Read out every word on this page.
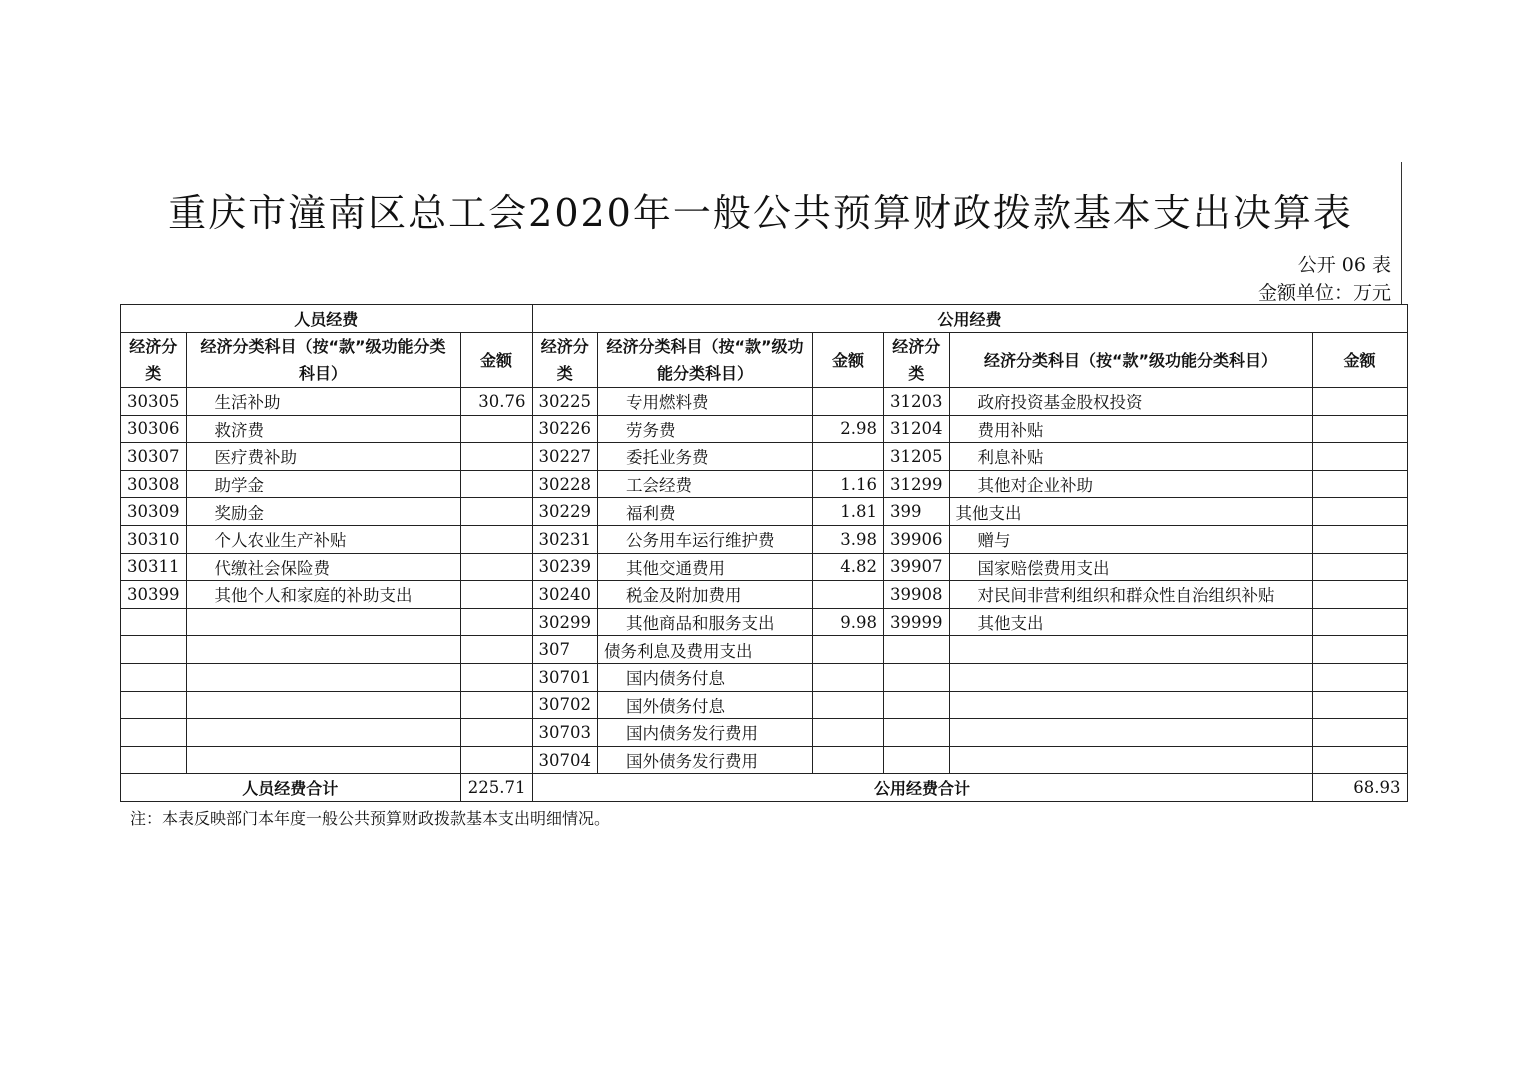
重庆市潼南区总工会2020年一般公共预算财政拨款基本支出决算表
公开 06 表
金额单位：万元
人员经费			公用经费					
经济分类	经济分类科目（按“款”级功能分类科目）	金额	经济分类	经济分类科目（按“款”级功能分类科目）	金额	经济分类	经济分类科目（按“款”级功能分类科目）	金额
30305	生活补助	30.76	30225	专用燃料费		31203	政府投资基金股权投资	
30306	救济费		30226	劳务费	2.98	31204	费用补贴	
30307	医疗费补助		30227	委托业务费		31205	利息补贴	
30308	助学金		30228	工会经费	1.16	31299	其他对企业补助	
30309	奖励金		30229	福利费	1.81	399	其他支出	
30310	个人农业生产补贴		30231	公务用车运行维护费	3.98	39906	赠与	
30311	代缴社会保险费		30239	其他交通费用	4.82	39907	国家赔偿费用支出	
30399	其他个人和家庭的补助支出		30240	税金及附加费用		39908	对民间非营利组织和群众性自治组织补贴	
			30299	其他商品和服务支出	9.98	39999	其他支出	
			307	债务利息及费用支出				
			30701	国内债务付息				
			30702	国外债务付息				
			30703	国内债务发行费用				
			30704	国外债务发行费用				
人员经费合计		225.71	公用经费合计					68.93
注：本表反映部门本年度一般公共预算财政拨款基本支出明细情况。
